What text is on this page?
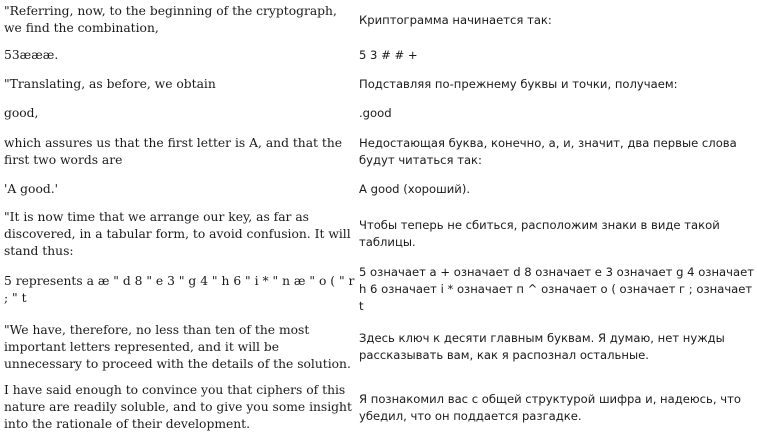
"Referring, now, to the beginning of the cryptograph, we find the combination,	Криптограмма начинается так:

53æææ.	5 3 # # +

"Translating, as before, we obtain	Подставляя по-прежнему буквы и точки, получаем:

good,	.good

which assures us that the first letter is A, and that the first two words are	Недостающая буква, конечно, а, и, значит, два первые слова будут читаться так:

'A good.'	A good (хороший).

"It is now time that we arrange our key, as far as discovered, in a tabular form, to avoid confusion. It will stand thus:	Чтобы теперь не сбиться, расположим знаки в виде такой таблицы.

5 represents a æ " d 8 " e 3 " g 4 " h 6 " i * " n æ " o ( " r ; " t	5 означает а + означает d 8 означает е 3 означает g 4 означает h 6 означает i * означает п ^ означает о ( означает г ; означает t

"We have, therefore, no less than ten of the most important letters represented, and it will be unnecessary to proceed with the details of the solution.	Здесь ключ к десяти главным буквам. Я думаю, нет нужды рассказывать вам, как я распознал остальные.

I have said enough to convince you that ciphers of this nature are readily soluble, and to give you some insight into the rationale of their development.	Я познакомил вас с общей структурой шифра и, надеюсь, что убедил, что он поддается разгадке.
